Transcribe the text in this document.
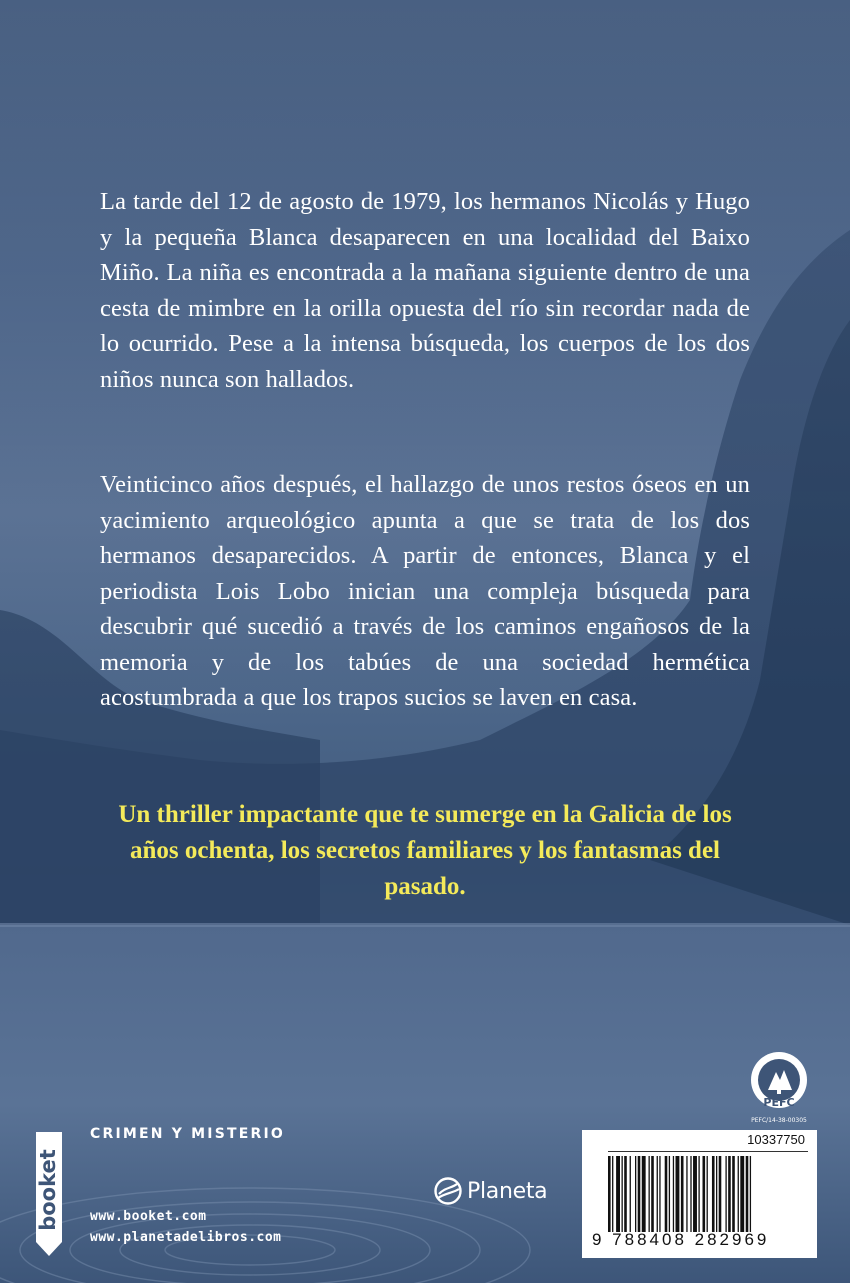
La tarde del 12 de agosto de 1979, los hermanos Nicolás y Hugo y la pequeña Blanca desaparecen en una localidad del Baixo Miño. La niña es encontrada a la mañana siguiente dentro de una cesta de mimbre en la orilla opuesta del río sin recordar nada de lo ocurrido. Pese a la intensa búsqueda, los cuerpos de los dos niños nunca son hallados.

Veinticinco años después, el hallazgo de unos restos óseos en un yacimiento arqueológico apunta a que se trata de los dos hermanos desaparecidos. A partir de entonces, Blanca y el periodista Lois Lobo inician una compleja búsqueda para descubrir qué sucedió a través de los caminos engañosos de la memoria y de los tabúes de una sociedad hermética acostumbrada a que los trapos sucios se laven en casa.

Un thriller impactante que te sumerge en la Galicia de los años ochenta, los secretos familiares y los fantasmas del pasado.

booket
CRIMEN Y MISTERIO
www.booket.com
www.planetadelibros.com
Planeta
PEFC
PEFC/14-38-00305
10337750
9 788408 282969
